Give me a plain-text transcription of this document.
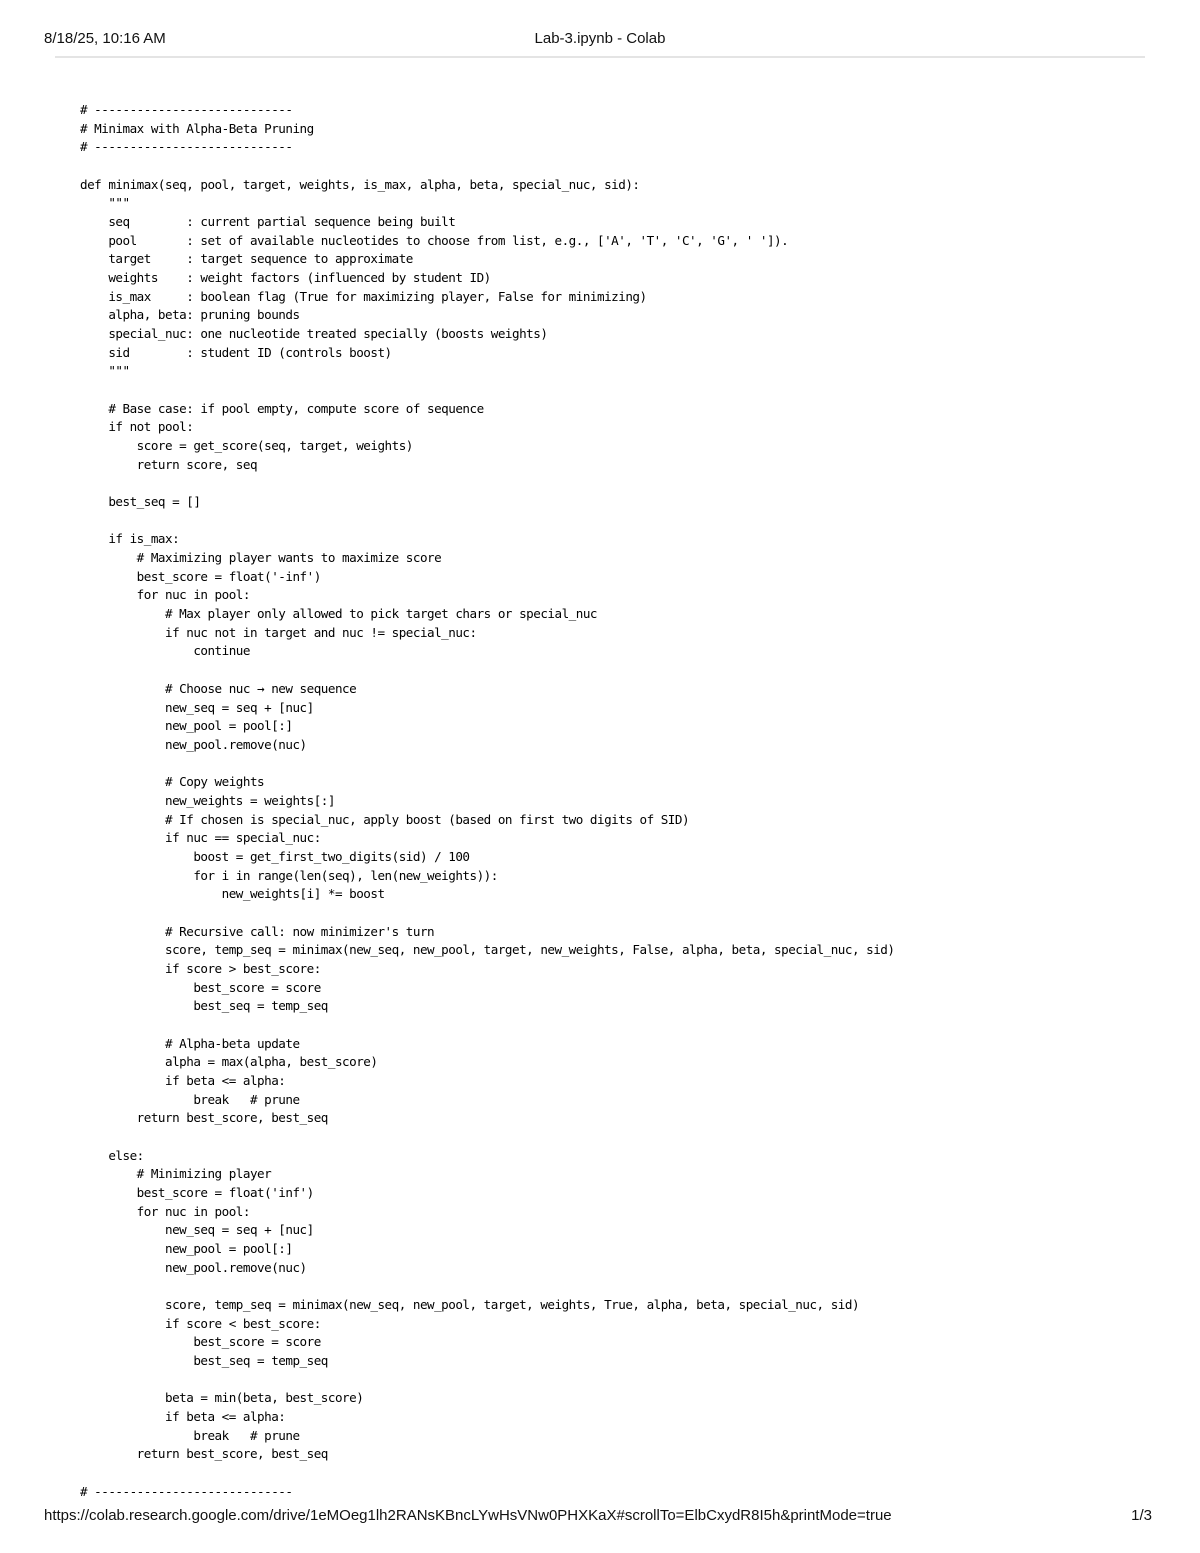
8/18/25, 10:16 AM	Lab-3.ipynb - Colab
# ----------------------------
# Minimax with Alpha-Beta Pruning
# ----------------------------
def minimax(seq, pool, target, weights, is_max, alpha, beta, special_nuc, sid):
"""
seq        : current partial sequence being built
pool       : set of available nucleotides to choose from list, e.g., ['A', 'T', 'C', 'G', ' ']).
target     : target sequence to approximate
weights    : weight factors (influenced by student ID)
is_max     : boolean flag (True for maximizing player, False for minimizing)
alpha, beta: pruning bounds
special_nuc: one nucleotide treated specially (boosts weights)
sid        : student ID (controls boost)
"""
# Base case: if pool empty, compute score of sequence
if not pool:
score = get_score(seq, target, weights)
return score, seq
best_seq = []
if is_max:
# Maximizing player wants to maximize score
best_score = float('-inf')
for nuc in pool:
# Max player only allowed to pick target chars or special_nuc
if nuc not in target and nuc != special_nuc:
continue
# Choose nuc → new sequence
new_seq = seq + [nuc]
new_pool = pool[:]
new_pool.remove(nuc)
# Copy weights
new_weights = weights[:]
# If chosen is special_nuc, apply boost (based on first two digits of SID)
if nuc == special_nuc:
boost = get_first_two_digits(sid) / 100
for i in range(len(seq), len(new_weights)):
new_weights[i] *= boost
# Recursive call: now minimizer's turn
score, temp_seq = minimax(new_seq, new_pool, target, new_weights, False, alpha, beta, special_nuc, sid)
if score > best_score:
best_score = score
best_seq = temp_seq
# Alpha-beta update
alpha = max(alpha, best_score)
if beta <= alpha:
break   # prune
return best_score, best_seq
else:
# Minimizing player
best_score = float('inf')
for nuc in pool:
new_seq = seq + [nuc]
new_pool = pool[:]
new_pool.remove(nuc)
score, temp_seq = minimax(new_seq, new_pool, target, weights, True, alpha, beta, special_nuc, sid)
if score < best_score:
best_score = score
best_seq = temp_seq
beta = min(beta, best_score)
if beta <= alpha:
break   # prune
return best_score, best_seq
# ----------------------------
https://colab.research.google.com/drive/1eMOeg1lh2RANsKBncLYwHsVNw0PHXKaX#scrollTo=ElbCxydR8I5h&printMode=true	1/3
